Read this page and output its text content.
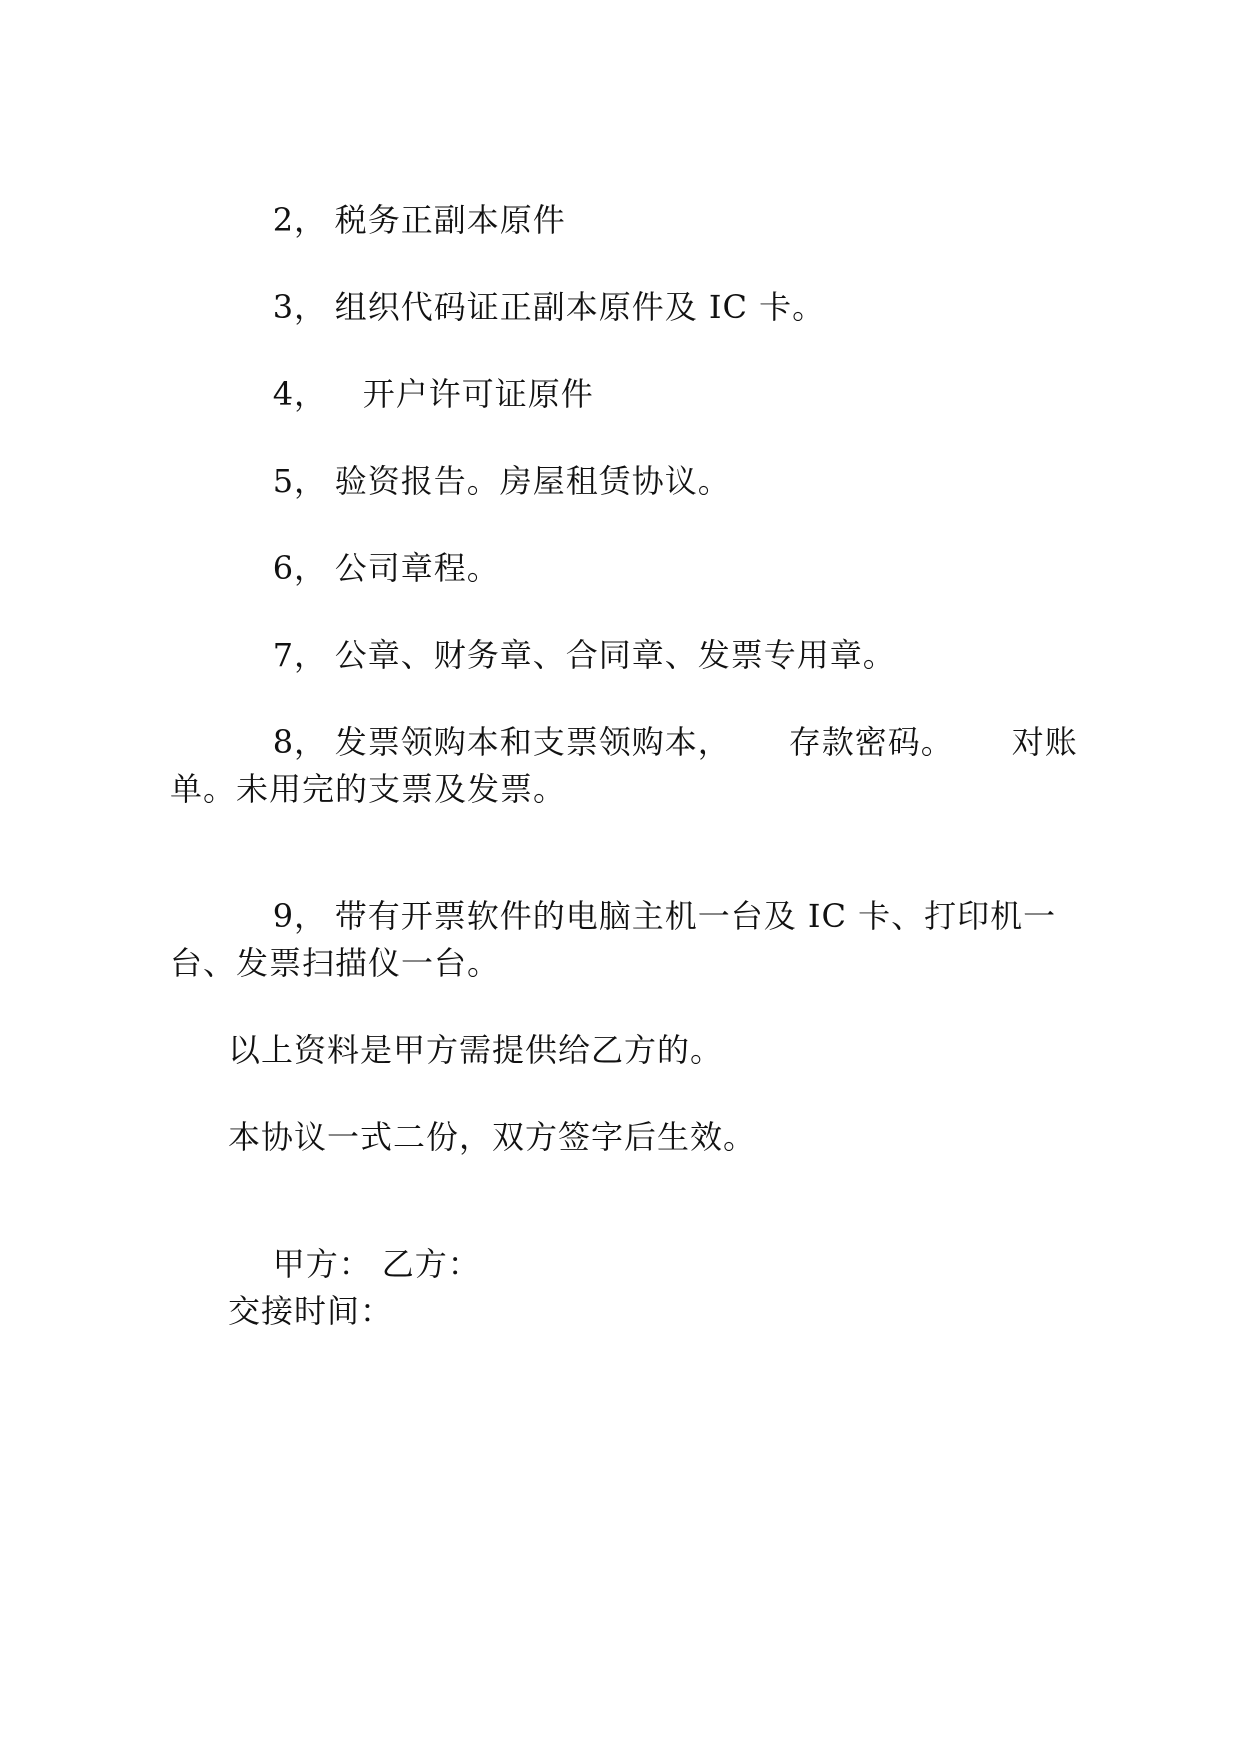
2， 税务正副本原件

3， 组织代码证正副本原件及 IC 卡。

4， 开户许可证原件

5， 验资报告。房屋租赁协议。

6， 公司章程。

7， 公章、财务章、合同章、发票专用章。

8， 发票领购本和支票领购本， 存款密码。 对账

单。未用完的支票及发票。

9， 带有开票软件的电脑主机一台及 IC 卡、打印机一

台、发票扫描仪一台。
以上资料是甲方需提供给乙方的。
本协议一式二份，双方签字后生效。

甲方： 乙方：

交接时间：
